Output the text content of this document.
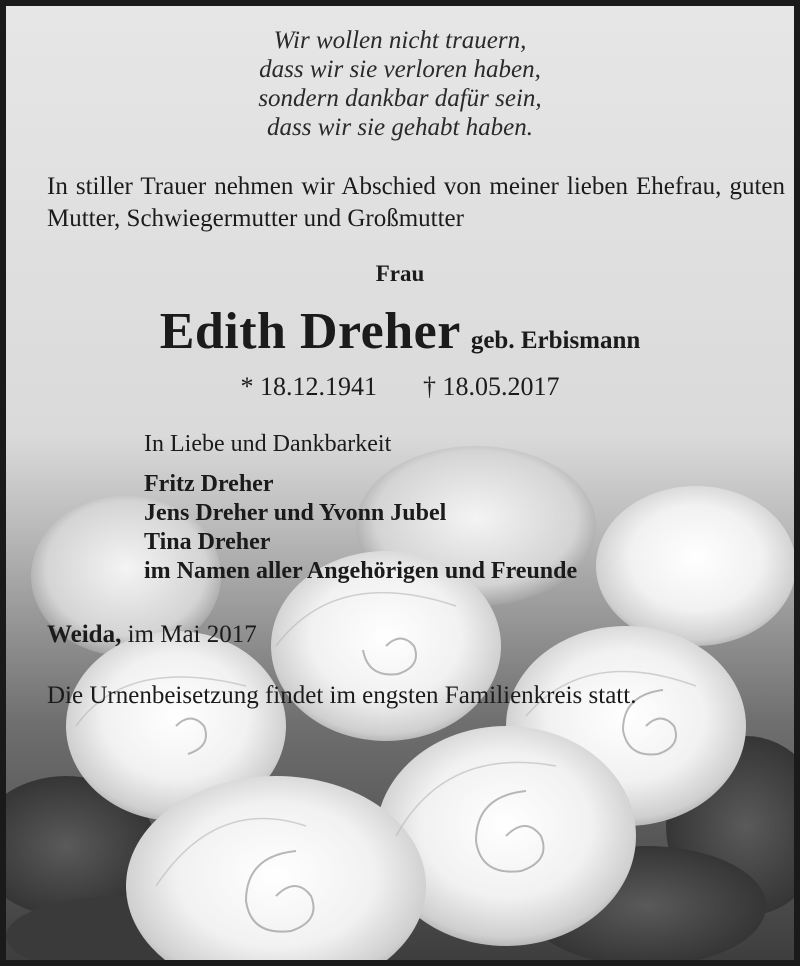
Wir wollen nicht trauern,
dass wir sie verloren haben,
sondern dankbar dafür sein,
dass wir sie gehabt haben.
In stiller Trauer nehmen wir Abschied von meiner lieben Ehefrau, guten Mutter, Schwiegermutter und Großmutter
Frau
Edith Dreher geb. Erbismann
* 18.12.1941 † 18.05.2017
In Liebe und Dankbarkeit
Fritz Dreher
Jens Dreher und Yvonn Jubel
Tina Dreher
im Namen aller Angehörigen und Freunde
Weida, im Mai 2017
Die Urnenbeisetzung findet im engsten Familienkreis statt.
